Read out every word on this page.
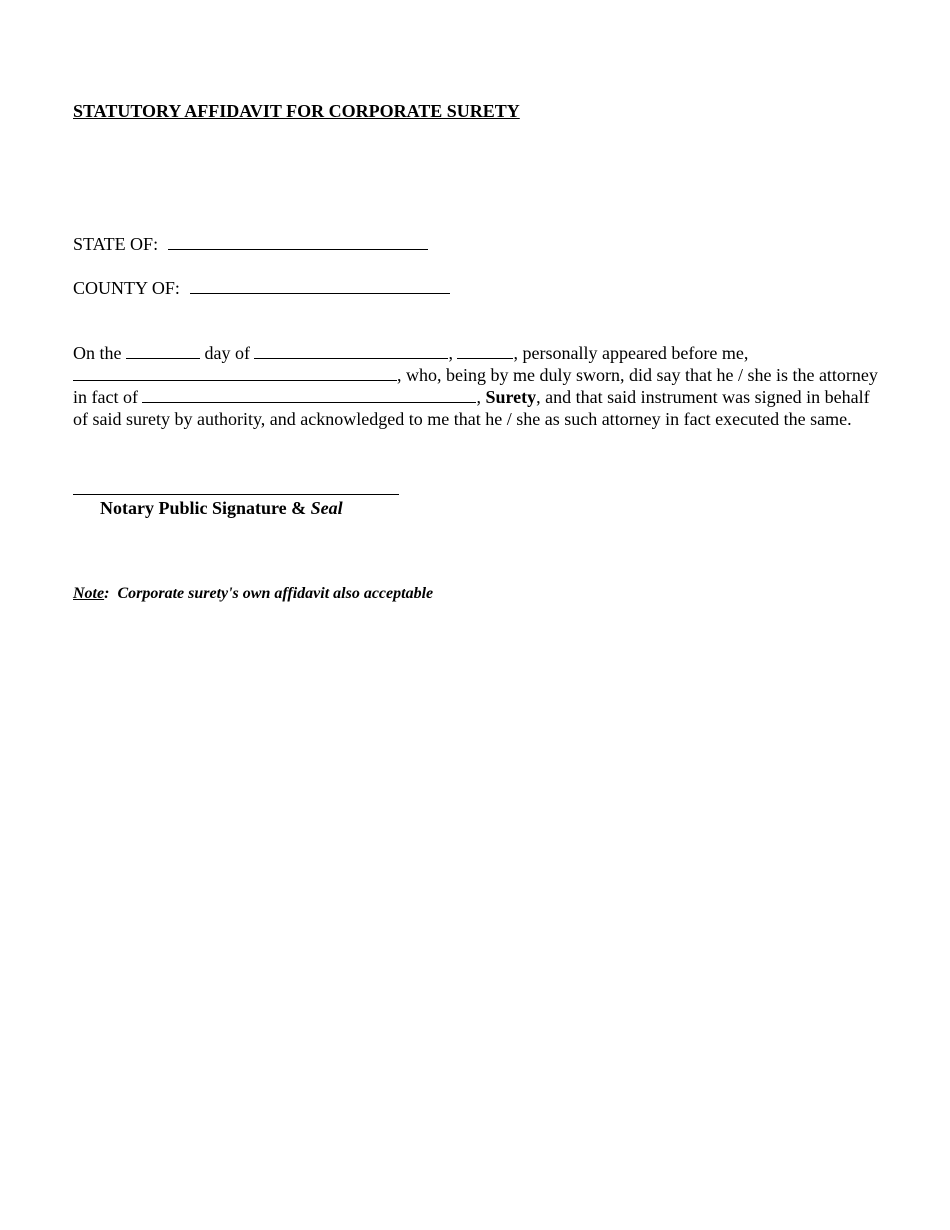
STATUTORY AFFIDAVIT FOR CORPORATE SURETY
STATE OF:
COUNTY OF:
On the	day of	,	, personally appeared before me,
, who, being by me duly sworn, did say that he / she is the attorney
in fact of	, Surety, and that said instrument was signed in behalf
of said surety by authority, and acknowledged to me that he / she as such attorney in fact executed the same.
Notary Public Signature & Seal
Note:  Corporate surety's own affidavit also acceptable
